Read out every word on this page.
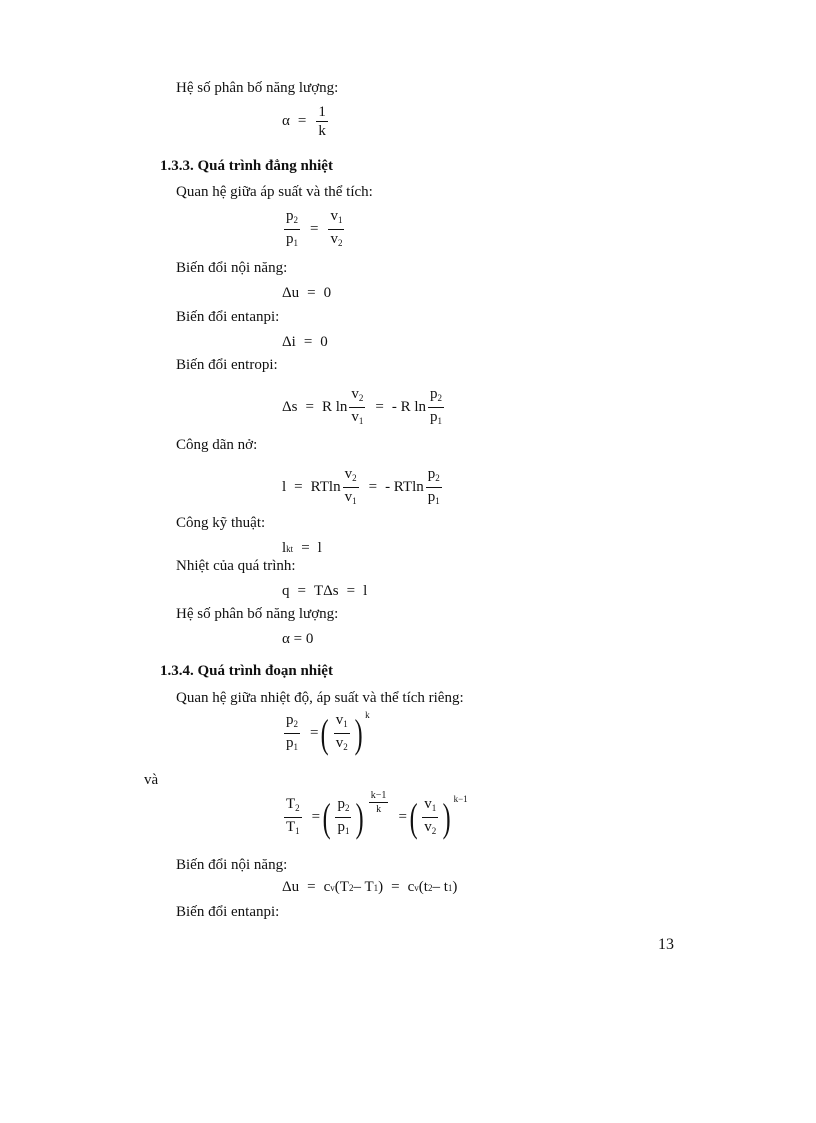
Hệ số phân bố năng lượng:
$\alpha = \frac{1}{k}$
1.3.3. Quá trình đẳng nhiệt
Quan hệ giữa áp suất và thể tích:
$\frac{p_2}{p_1} = \frac{v_1}{v_2}$
Biến đổi nội năng:
Δu = 0
Biến đổi entanpi:
Δi = 0
Biến đổi entropi:
Δs = R
$\ln \frac{v_2}{v_1}$ = - R
$\ln \frac{p_2}{p_1}$
Công dãn nở:
l = RT $\ln \frac{v_2}{v_1}$ = - RT $\ln \frac{p_2}{p_1}$
Công kỹ thuật:
l kt = l
Nhiệt của quá trình:
q = TΔs = l
Hệ số phân bố năng lượng:
α = 0
1.3.4. Quá trình đoạn nhiệt
Quan hệ giữa nhiệt độ, áp suất và thể tích riêng:
$\frac{p_2}{p_1}$ = ( $\frac{v_1}{v_2}$ ) k
và
$\frac{T_2}{T_1}$ = ( $\frac{p_2}{p_1}$ ) $\frac{k-1}{k}$
= ( $\frac{v_1}{v_2}$ ) k−1
Biến đổi nội năng:
Δu = c v (T 2 – T 1 ) = c v (t 2 – t 1 )
Biến đổi entanpi:
13
